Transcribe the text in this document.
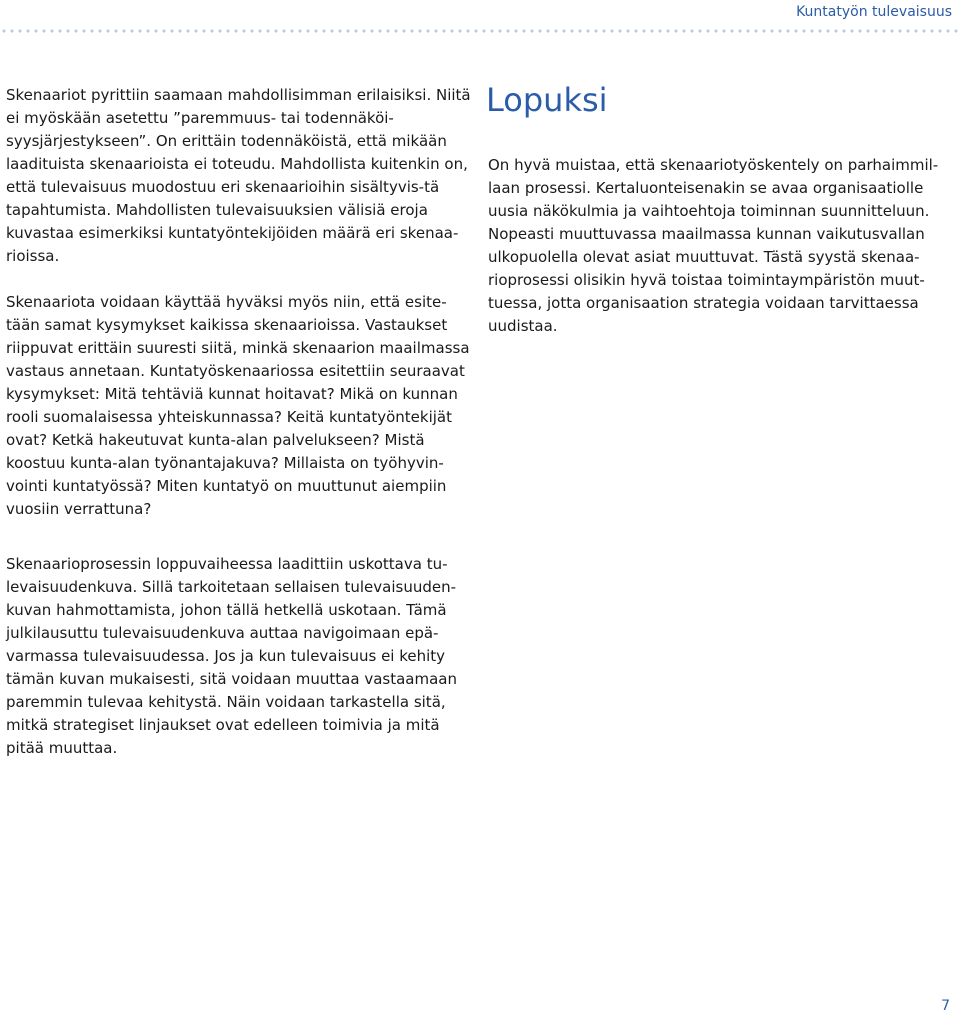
Kuntatyön tulevaisuus

Skenaariot pyrittiin saamaan mahdollisimman erilaisiksi. Niitä ei myöskään asetettu ”paremmuus- tai todennäköi-syysjärjestykseen”. On erittäin todennäköistä, että mikään laadituista skenaarioista ei toteudu. Mahdollista kuitenkin on, että tulevaisuus muodostuu eri skenaarioihin sisältyvis-tä tapahtumista. Mahdollisten tulevaisuuksien välisiä eroja kuvastaa esimerkiksi kuntatyöntekijöiden määrä eri skenaa-rioissa.

Skenaariota voidaan käyttää hyväksi myös niin, että esite-tään samat kysymykset kaikissa skenaarioissa. Vastaukset riippuvat erittäin suuresti siitä, minkä skenaarion maailmassa vastaus annetaan. Kuntatyöskenaariossa esitettiin seuraavat kysymykset: Mitä tehtäviä kunnat hoitavat? Mikä on kunnan rooli suomalaisessa yhteiskunnassa? Keitä kuntatyöntekijät ovat? Ketkä hakeutuvat kunta-alan palvelukseen? Mistä koostuu kunta-alan työnantajakuva? Millaista on työhyvin-vointi kuntatyössä? Miten kuntatyö on muuttunut aiempiin vuosiin verrattuna?

Skenaarioprosessin loppuvaiheessa laadittiin uskottava tu-levaisuudenkuva. Sillä tarkoitetaan sellaisen tulevaisuuden-kuvan hahmottamista, johon tällä hetkellä uskotaan. Tämä julkilausuttu tulevaisuudenkuva auttaa navigoimaan epä-varmassa tulevaisuudessa. Jos ja kun tulevaisuus ei kehity tämän kuvan mukaisesti, sitä voidaan muuttaa vastaamaan paremmin tulevaa kehitystä. Näin voidaan tarkastella sitä, mitkä strategiset linjaukset ovat edelleen toimivia ja mitä pitää muuttaa.

Lopuksi

On hyvä muistaa, että skenaariotyöskentely on parhaimmil-laan prosessi. Kertaluonteisenakin se avaa organisaatiolle uusia näkökulmia ja vaihtoehtoja toiminnan suunnitteluun. Nopeasti muuttuvassa maailmassa kunnan vaikutusvallan ulkopuolella olevat asiat muuttuvat. Tästä syystä skenaa-rioprosessi olisikin hyvä toistaa toimintaympäristön muut-tuessa, jotta organisaation strategia voidaan tarvittaessa uudistaa.

7
